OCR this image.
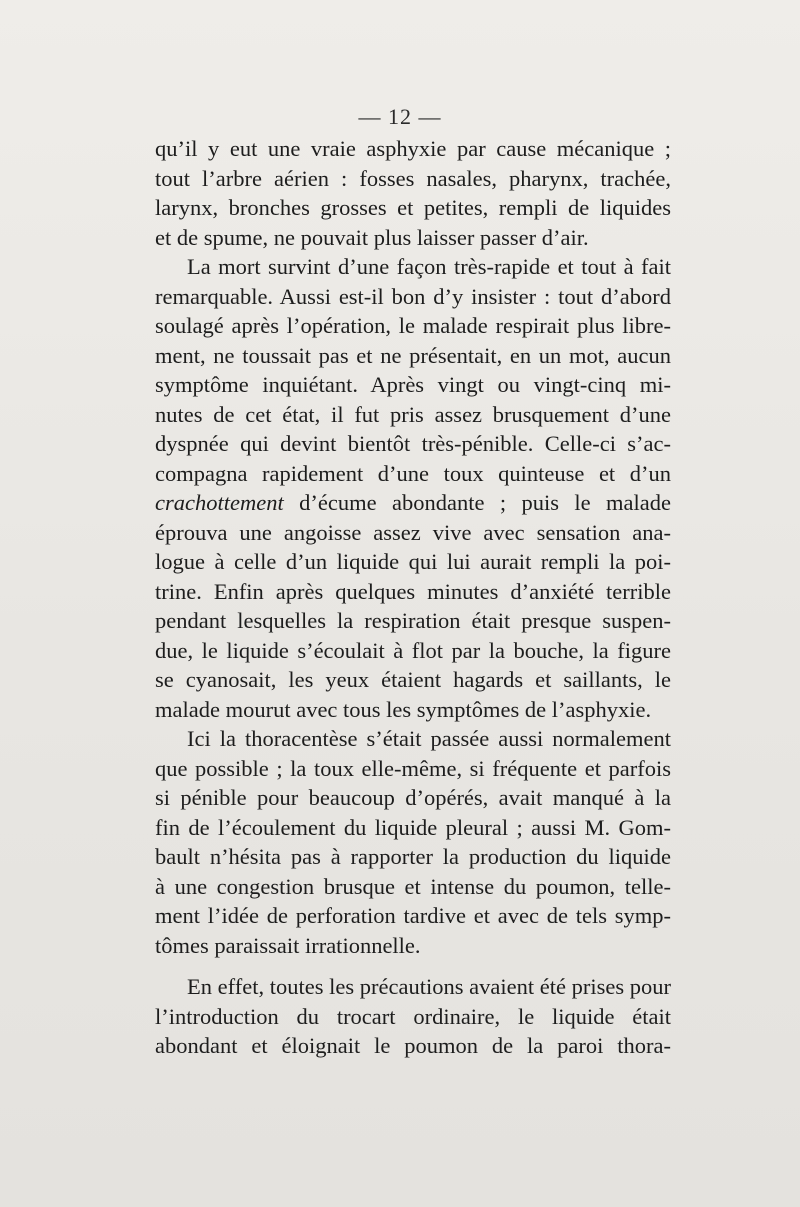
— 12 —
qu’il y eut une vraie asphyxie par cause mécanique ;
tout l’arbre aérien : fosses nasales, pharynx, trachée,
larynx, bronches grosses et petites, rempli de liquides
et de spume, ne pouvait plus laisser passer d’air.
La mort survint d’une façon très-rapide et tout à fait
remarquable. Aussi est-il bon d’y insister : tout d’abord
soulagé après l’opération, le malade respirait plus libre-
ment, ne toussait pas et ne présentait, en un mot, aucun
symptôme inquiétant. Après vingt ou vingt-cinq mi-
nutes de cet état, il fut pris assez brusquement d’une
dyspnée qui devint bientôt très-pénible. Celle-ci s’ac-
compagna rapidement d’une toux quinteuse et d’un
crachottement d’écume abondante ; puis le malade
éprouva une angoisse assez vive avec sensation ana-
logue à celle d’un liquide qui lui aurait rempli la poi-
trine. Enfin après quelques minutes d’anxiété terrible
pendant lesquelles la respiration était presque suspen-
due, le liquide s’écoulait à flot par la bouche, la figure
se cyanosait, les yeux étaient hagards et saillants, le
malade mourut avec tous les symptômes de l’asphyxie.
Ici la thoracentèse s’était passée aussi normalement
que possible ; la toux elle-même, si fréquente et parfois
si pénible pour beaucoup d’opérés, avait manqué à la
fin de l’écoulement du liquide pleural ; aussi M. Gom-
bault n’hésita pas à rapporter la production du liquide
à une congestion brusque et intense du poumon, telle-
ment l’idée de perforation tardive et avec de tels symp-
tômes paraissait irrationnelle.
En effet, toutes les précautions avaient été prises pour
l’introduction du trocart ordinaire, le liquide était
abondant et éloignait le poumon de la paroi thora-
